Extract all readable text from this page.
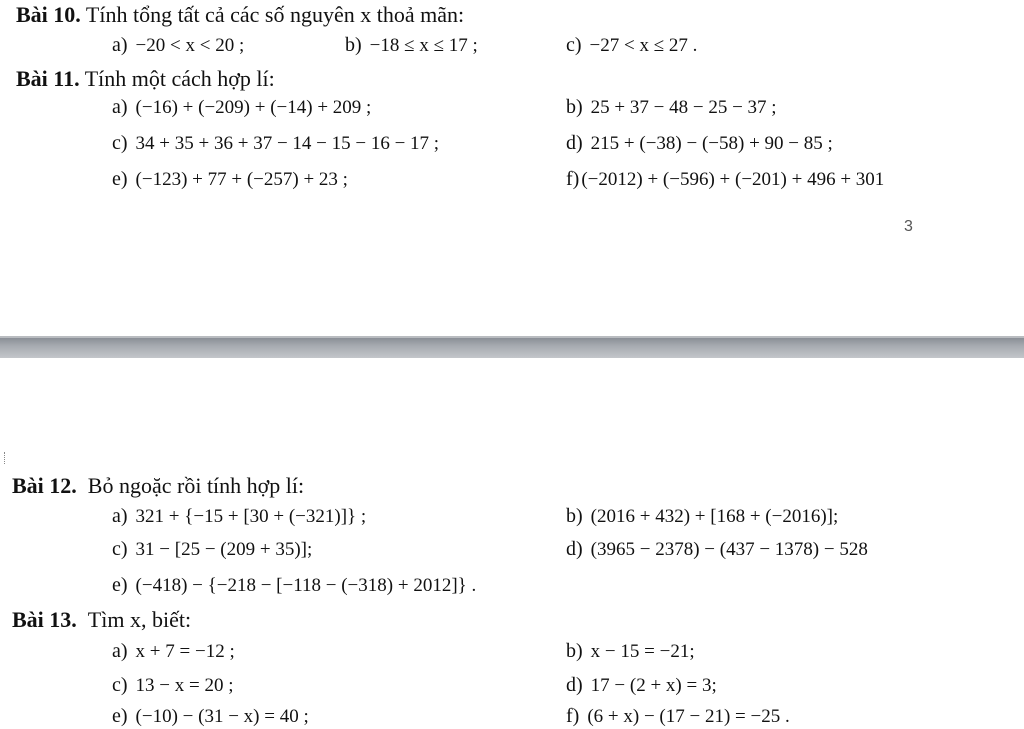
Bài 10. Tính tổng tất cả các số nguyên x thoả mãn:
a) −20 < x < 20 ;	b) −18 ≤ x ≤ 17 ;	c) −27 < x ≤ 27 .
Bài 11. Tính một cách hợp lí:
a) (−16) + (−209) + (−14) + 209 ;	b) 25 + 37 − 48 − 25 − 37 ;
c) 34 + 35 + 36 + 37 − 14 − 15 − 16 − 17 ;	d) 215 + (−38) − (−58) + 90 − 85 ;
e) (−123) + 77 + (−257) + 23 ;	f) (−2012) + (−596) + (−201) + 496 + 301
3
Bài 12. Bỏ ngoặc rồi tính hợp lí:
a) 321 + {−15 + [30 + (−321)]} ;	b) (2016 + 432) + [168 + (−2016)];
c) 31 − [25 − (209 + 35)];	d) (3965 − 2378) − (437 − 1378) − 528
e) (−418) − {−218 − [−118 − (−318) + 2012]} .
Bài 13. Tìm x, biết:
a) x + 7 = −12 ;	b) x − 15 = −21;
c) 13 − x = 20 ;	d) 17 − (2 + x) = 3;
e) (−10) − (31 − x) = 40 ;	f) (6 + x) − (17 − 21) = −25 .
